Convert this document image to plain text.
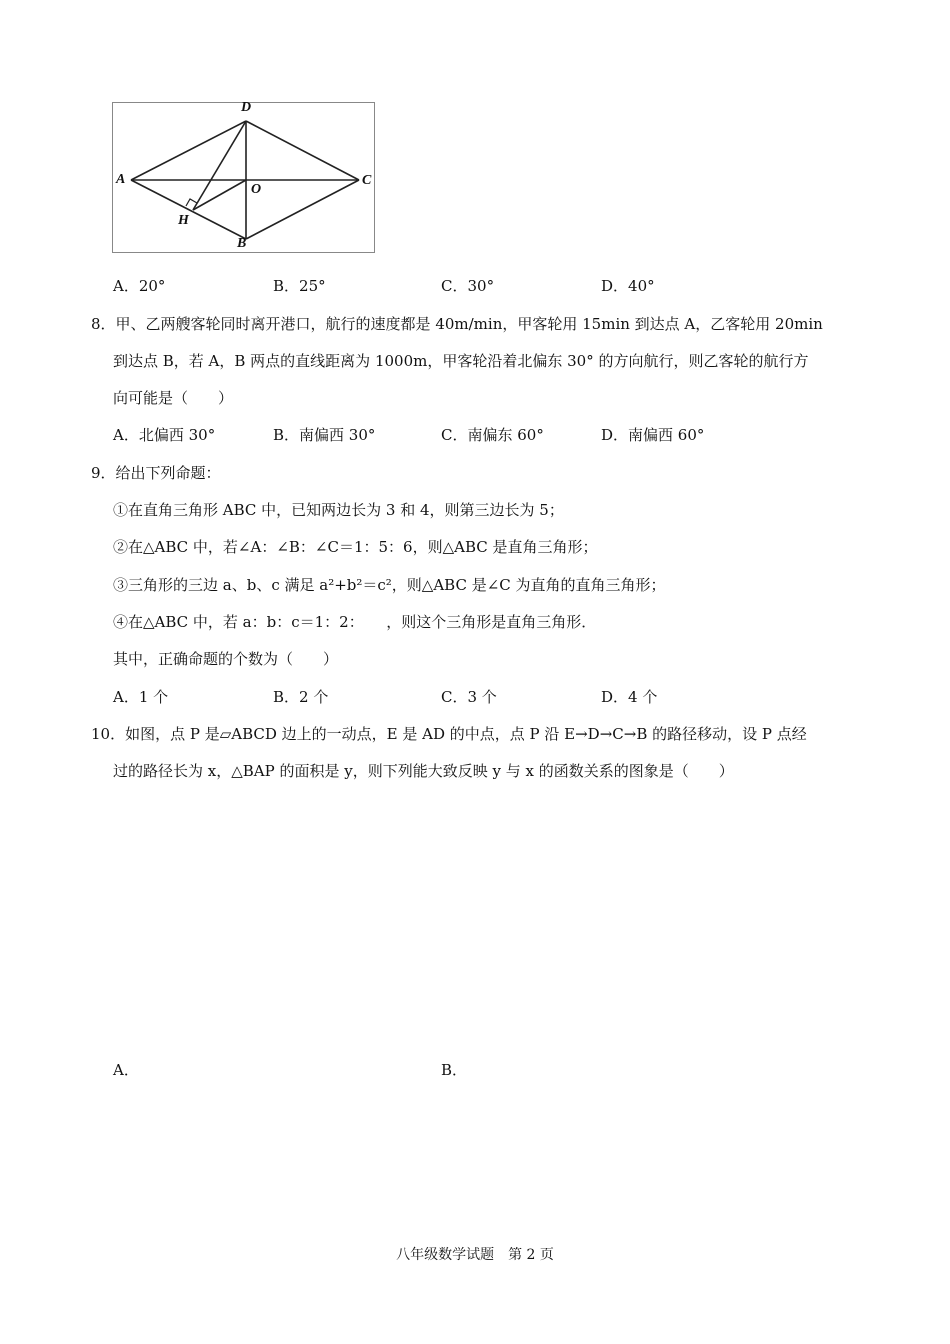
D
A
O
C
H
B
A．20°	B．25°	C．30°	D．40°
8．甲、乙两艘客轮同时离开港口，航行的速度都是 40m/min，甲客轮用 15min 到达点 A，乙客轮用 20min
到达点 B，若 A，B 两点的直线距离为 1000m，甲客轮沿着北偏东 30° 的方向航行，则乙客轮的航行方
向可能是（　　）
A．北偏西 30°	B．南偏西 30°	C．南偏东 60°	D．南偏西 60°
9．给出下列命题：
①在直角三角形 ABC 中，已知两边长为 3 和 4，则第三边长为 5；
②在△ABC 中，若∠A：∠B：∠C＝1：5：6，则△ABC 是直角三角形；
③三角形的三边 a、b、c 满足 a²+b²＝c²，则△ABC 是∠C 为直角的直角三角形；
④在△ABC 中，若 a：b：c＝1：2：　　，则这个三角形是直角三角形．
其中，正确命题的个数为（　　）
A．1 个	B．2 个	C．3 个	D．4 个
10．如图，点 P 是▱ABCD 边上的一动点，E 是 AD 的中点，点 P 沿 E→D→C→B 的路径移动，设 P 点经
过的路径长为 x，△BAP 的面积是 y，则下列能大致反映 y 与 x 的函数关系的图象是（　　）
A．	B．
八年级数学试题　第 2 页
